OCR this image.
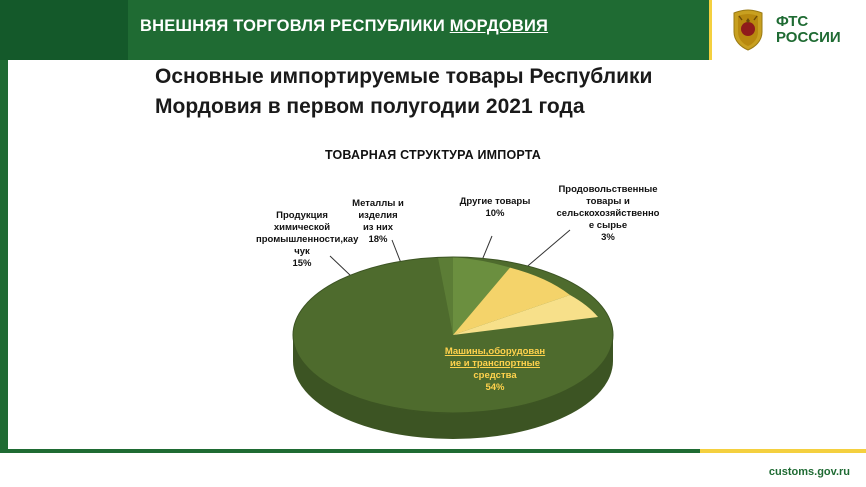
ВНЕШНЯЯ ТОРГОВЛЯ РЕСПУБЛИКИ МОРДОВИЯ	ФТС
РОССИИ
Основные импортируемые товары Республики Мордовия в первом полугодии 2021 года
ТОВАРНАЯ СТРУКТУРА ИМПОРТА
Продукция
химической
промышленности,кау
чук
15%
Металлы и изделия
из них
18%
Другие товары
10%
Продовольственные
товары и
сельскохозяйственно
е сырье
3%
Машины,оборудован
ие и транспортные
средства
54%
customs.gov.ru
